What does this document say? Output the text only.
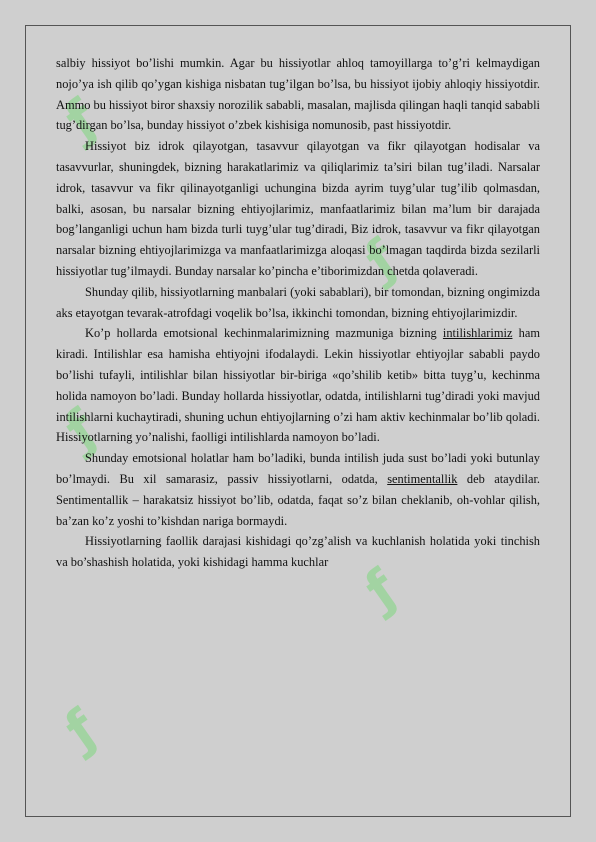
ƒ
ƒ
ƒ
ƒ
ƒ

salbiy hissiyot bo’lishi mumkin. Agar bu hissiyotlar ahloq tamoyillarga to’g’ri kelmaydigan nojo’ya ish qilib qo’ygan kishiga nisbatan tug’ilgan bo’lsa, bu hissiyot ijobiy ahloqiy hissiyotdir. Ammo bu hissiyot biror shaxsiy norozilik sababli, masalan, majlisda qilingan haqli tanqid sababli tug’dirgan bo’lsa, bunday hissiyot o’zbek kishisiga nomunosib, past hissiyotdir.

Hissiyot biz idrok qilayotgan, tasavvur qilayotgan va fikr qilayotgan hodisalar va tasavvurlar, shuningdek, bizning harakatlarimiz va qiliqlarimiz ta’siri bilan tug’iladi. Narsalar idrok, tasavvur va fikr qilinayotganligi uchungina bizda ayrim tuyg’ular tug’ilib qolmasdan, balki, asosan, bu narsalar bizning ehtiyojlarimiz, manfaatlarimiz bilan ma’lum bir darajada bog’langanligi uchun ham bizda turli tuyg’ular tug’diradi, Biz idrok, tasavvur va fikr qilayotgan narsalar bizning ehtiyojlarimizga va manfaatlarimizga aloqasi bo’lmagan taqdirda bizda sezilarli hissiyotlar tug’ilmaydi. Bunday narsalar ko’pincha e’tiborimizdan chetda qolaveradi.

Shunday qilib, hissiyotlarning manbalari (yoki sabablari), bir tomondan, bizning ongimizda aks etayotgan tevarak-atrofdagi voqelik bo’lsa, ikkinchi tomondan, bizning ehtiyojlarimizdir.

Ko’p hollarda emotsional kechinmalarimizning mazmuniga bizning intilishlarimiz ham kiradi. Intilishlar esa hamisha ehtiyojni ifodalaydi. Lekin hissiyotlar ehtiyojlar sababli paydo bo’lishi tufayli, intilishlar bilan hissiyotlar bir-biriga «qo’shilib ketib» bitta tuyg’u, kechinma holida namoyon bo’ladi. Bunday hollarda hissiyotlar, odatda, intilishlarni tug’diradi yoki mavjud intilishlarni kuchaytiradi, shuning uchun ehtiyojlarning o’zi ham aktiv kechinmalar bo’lib qoladi. Hissiyotlarning yo’nalishi, faolligi intilishlarda namoyon bo’ladi.

Shunday emotsional holatlar ham bo’ladiki, bunda intilish juda sust bo’ladi yoki butunlay bo’lmaydi. Bu xil samarasiz, passiv hissiyotlarni, odatda, sentimentallik deb ataydilar. Sentimentallik – harakatsiz hissiyot bo’lib, odatda, faqat so’z bilan cheklanib, oh-vohlar qilish, ba’zan ko’z yoshi to’kishdan nariga bormaydi.

Hissiyotlarning faollik darajasi kishidagi qo’zg’alish va kuchlanish holatida yoki tinchish va bo’shashish holatida, yoki kishidagi hamma kuchlar
